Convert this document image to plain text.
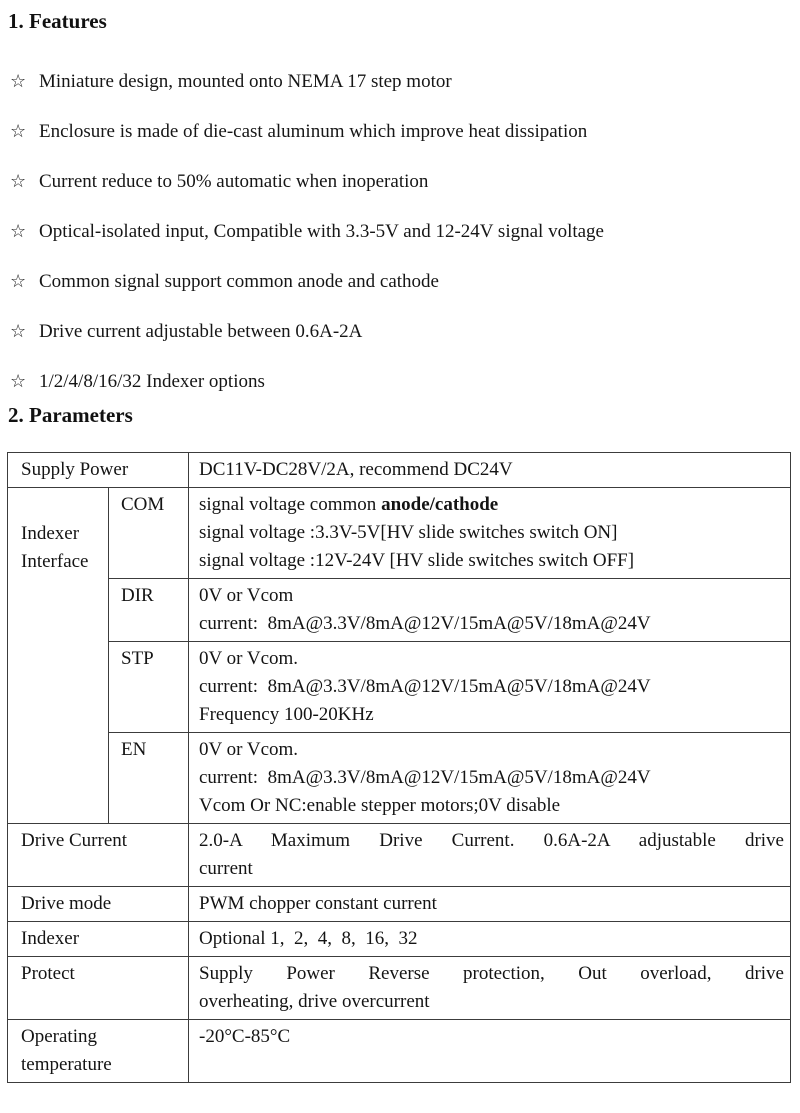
1. Features
☆ Miniature design, mounted onto NEMA 17 step motor
☆ Enclosure is made of die-cast aluminum which improve heat dissipation
☆ Current reduce to 50% automatic when inoperation
☆ Optical-isolated input, Compatible with 3.3-5V and 12-24V signal voltage
☆ Common signal support common anode and cathode
☆ Drive current adjustable between 0.6A-2A
☆ 1/2/4/8/16/32 Indexer options
2. Parameters
Supply Power		DC11V-DC28V/2A, recommend DC24V

Indexer Interface	COM	signal voltage common anode/cathode
signal voltage :3.3V-5V[HV slide switches switch ON]
signal voltage :12V-24V [HV slide switches switch OFF]

	DIR	0V or Vcom
current:  8mA@3.3V/8mA@12V/15mA@5V/18mA@24V

	STP	0V or Vcom.
current:  8mA@3.3V/8mA@12V/15mA@5V/18mA@24V
Frequency 100-20KHz

	EN	0V or Vcom.
current:  8mA@3.3V/8mA@12V/15mA@5V/18mA@24V
Vcom Or NC:enable stepper motors;0V disable

Drive Current		2.0-A Maximum Drive Current. 0.6A-2A adjustable drive
current

Drive mode		PWM chopper constant current

Indexer		Optional 1,  2,  4,  8,  16,  32

Protect		Supply Power Reverse protection, Out overload, drive
overheating, drive overcurrent

Operating temperature		-20°C-85°C
